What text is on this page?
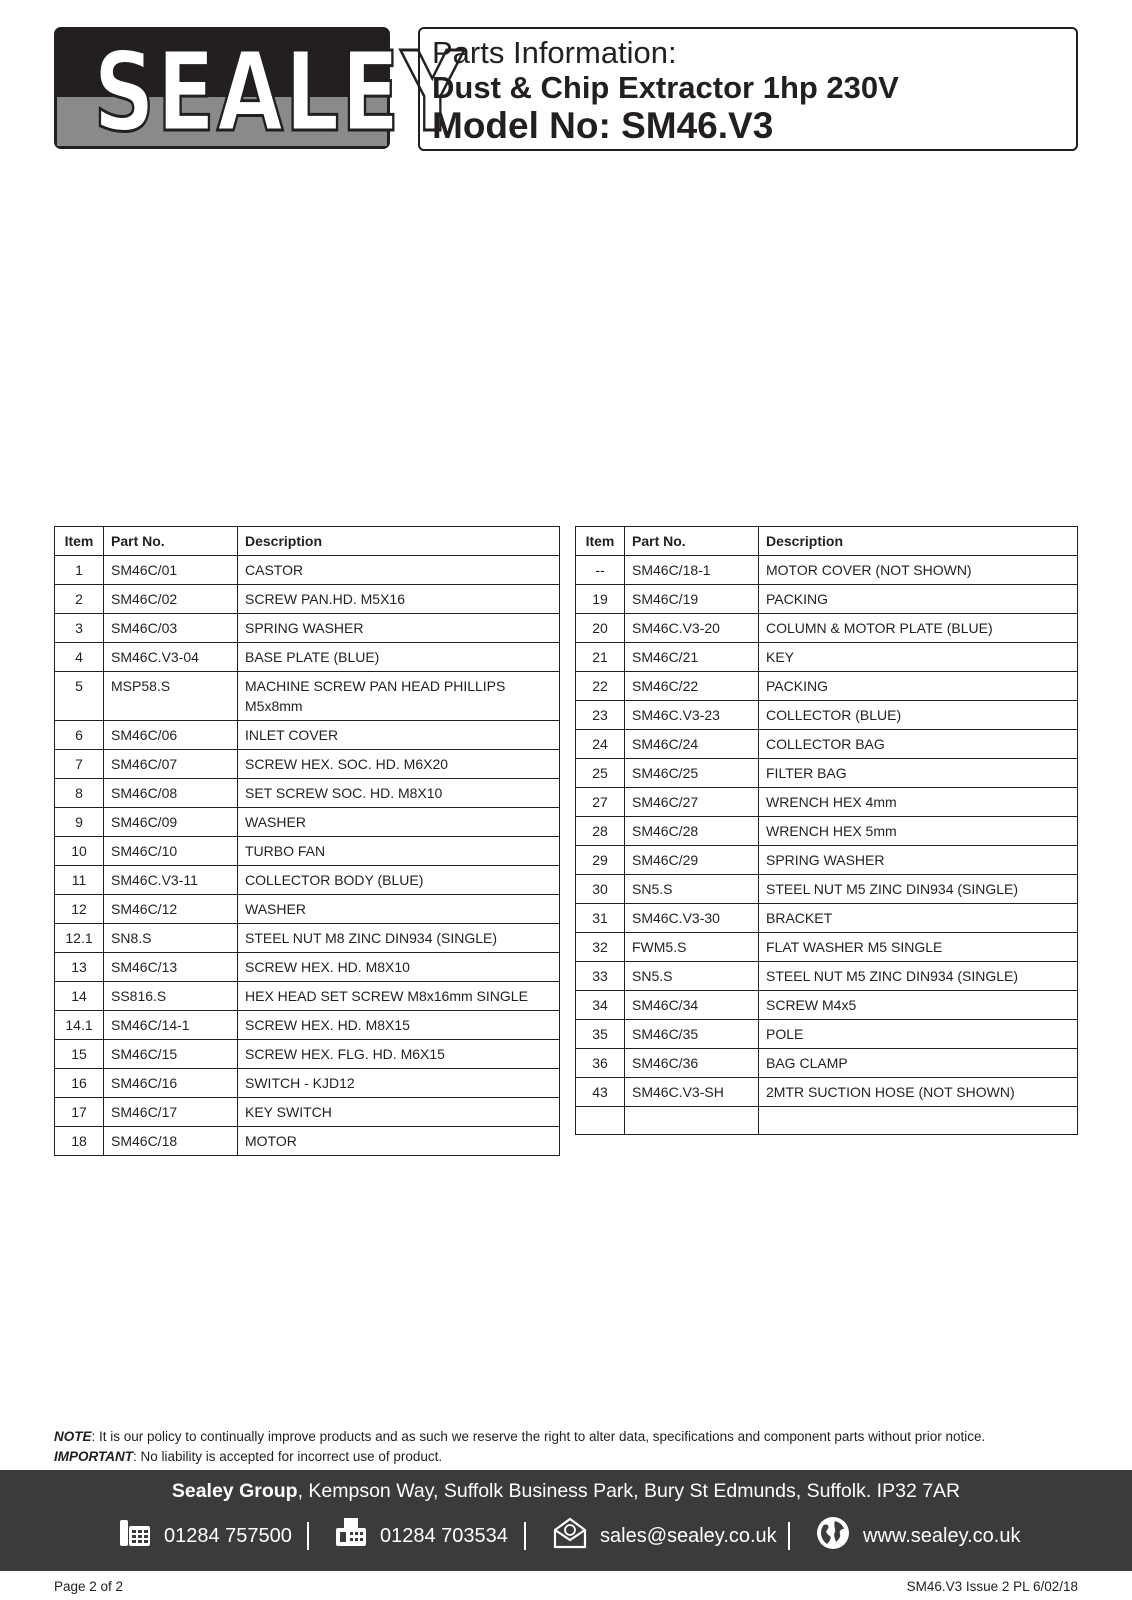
SEALEY
Parts Information:
Dust & Chip Extractor 1hp 230V
Model No: SM46.V3
Item	Part No.	Description
1	SM46C/01	CASTOR
2	SM46C/02	SCREW PAN.HD. M5X16
3	SM46C/03	SPRING WASHER
4	SM46C.V3-04	BASE PLATE (BLUE)
5	MSP58.S	MACHINE SCREW PAN HEAD PHILLIPS M5x8mm
6	SM46C/06	INLET COVER
7	SM46C/07	SCREW HEX. SOC. HD. M6X20
8	SM46C/08	SET SCREW SOC. HD. M8X10
9	SM46C/09	WASHER
10	SM46C/10	TURBO FAN
11	SM46C.V3-11	COLLECTOR BODY (BLUE)
12	SM46C/12	WASHER
12.1	SN8.S	STEEL NUT M8 ZINC DIN934 (SINGLE)
13	SM46C/13	SCREW HEX. HD. M8X10
14	SS816.S	HEX HEAD SET SCREW M8x16mm SINGLE
14.1	SM46C/14-1	SCREW HEX. HD. M8X15
15	SM46C/15	SCREW HEX. FLG. HD. M6X15
16	SM46C/16	SWITCH - KJD12
17	SM46C/17	KEY SWITCH
18	SM46C/18	MOTOR
Item	Part No.	Description
--	SM46C/18-1	MOTOR COVER (NOT SHOWN)
19	SM46C/19	PACKING
20	SM46C.V3-20	COLUMN & MOTOR PLATE (BLUE)
21	SM46C/21	KEY
22	SM46C/22	PACKING
23	SM46C.V3-23	COLLECTOR (BLUE)
24	SM46C/24	COLLECTOR BAG
25	SM46C/25	FILTER BAG
27	SM46C/27	WRENCH HEX 4mm
28	SM46C/28	WRENCH HEX 5mm
29	SM46C/29	SPRING WASHER
30	SN5.S	STEEL NUT M5 ZINC DIN934 (SINGLE)
31	SM46C.V3-30	BRACKET
32	FWM5.S	FLAT WASHER M5 SINGLE
33	SN5.S	STEEL NUT M5 ZINC DIN934 (SINGLE)
34	SM46C/34	SCREW M4x5
35	SM46C/35	POLE
36	SM46C/36	BAG CLAMP
43	SM46C.V3-SH	2MTR SUCTION HOSE (NOT SHOWN)

NOTE: It is our policy to continually improve products and as such we reserve the right to alter data, specifications and component parts without prior notice.
IMPORTANT: No liability is accepted for incorrect use of product.
Sealey Group, Kempson Way, Suffolk Business Park, Bury St Edmunds, Suffolk. IP32 7AR
01284 757500	01284 703534	sales@sealey.co.uk	www.sealey.co.uk
Page 2 of 2	SM46.V3 Issue 2 PL 6/02/18
